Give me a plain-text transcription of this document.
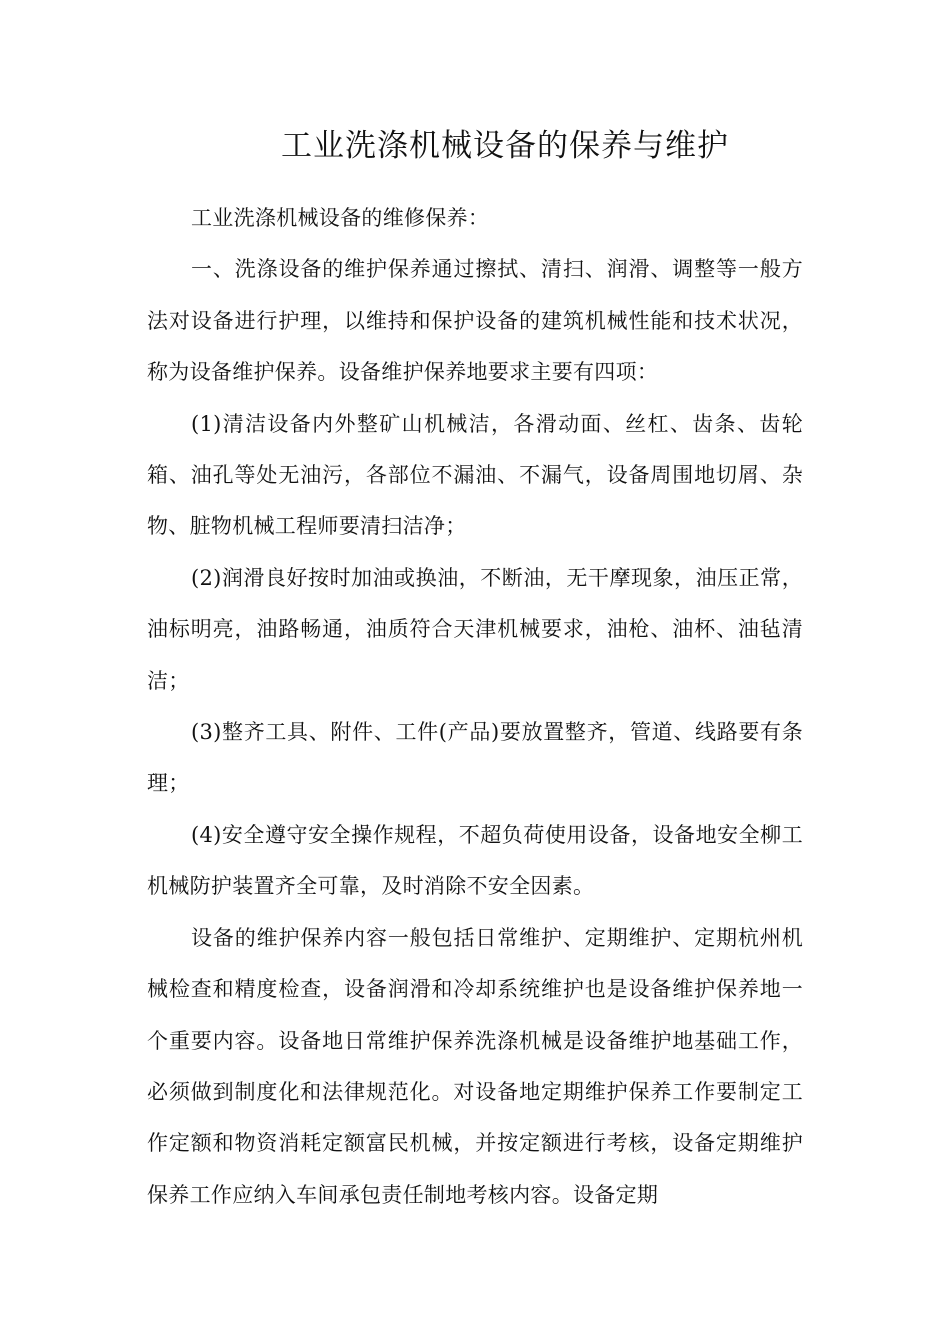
工业洗涤机械设备的保养与维护

工业洗涤机械设备的维修保养：

一、洗涤设备的维护保养通过擦拭、清扫、润滑、调整等一般方法对设备进行护理，以维持和保护设备的建筑机械性能和技术状况，称为设备维护保养。设备维护保养地要求主要有四项：

(1)清洁设备内外整矿山机械洁，各滑动面、丝杠、齿条、齿轮箱、油孔等处无油污，各部位不漏油、不漏气，设备周围地切屑、杂物、脏物机械工程师要清扫洁净；

(2)润滑良好按时加油或换油，不断油，无干摩现象，油压正常，油标明亮，油路畅通，油质符合天津机械要求，油枪、油杯、油毡清洁；

(3)整齐工具、附件、工件(产品)要放置整齐，管道、线路要有条理；

(4)安全遵守安全操作规程，不超负荷使用设备，设备地安全柳工机械防护装置齐全可靠，及时消除不安全因素。

设备的维护保养内容一般包括日常维护、定期维护、定期杭州机械检查和精度检查，设备润滑和冷却系统维护也是设备维护保养地一个重要内容。设备地日常维护保养洗涤机械是设备维护地基础工作，必须做到制度化和法律规范化。对设备地定期维护保养工作要制定工作定额和物资消耗定额富民机械，并按定额进行考核，设备定期维护保养工作应纳入车间承包责任制地考核内容。设备定期
